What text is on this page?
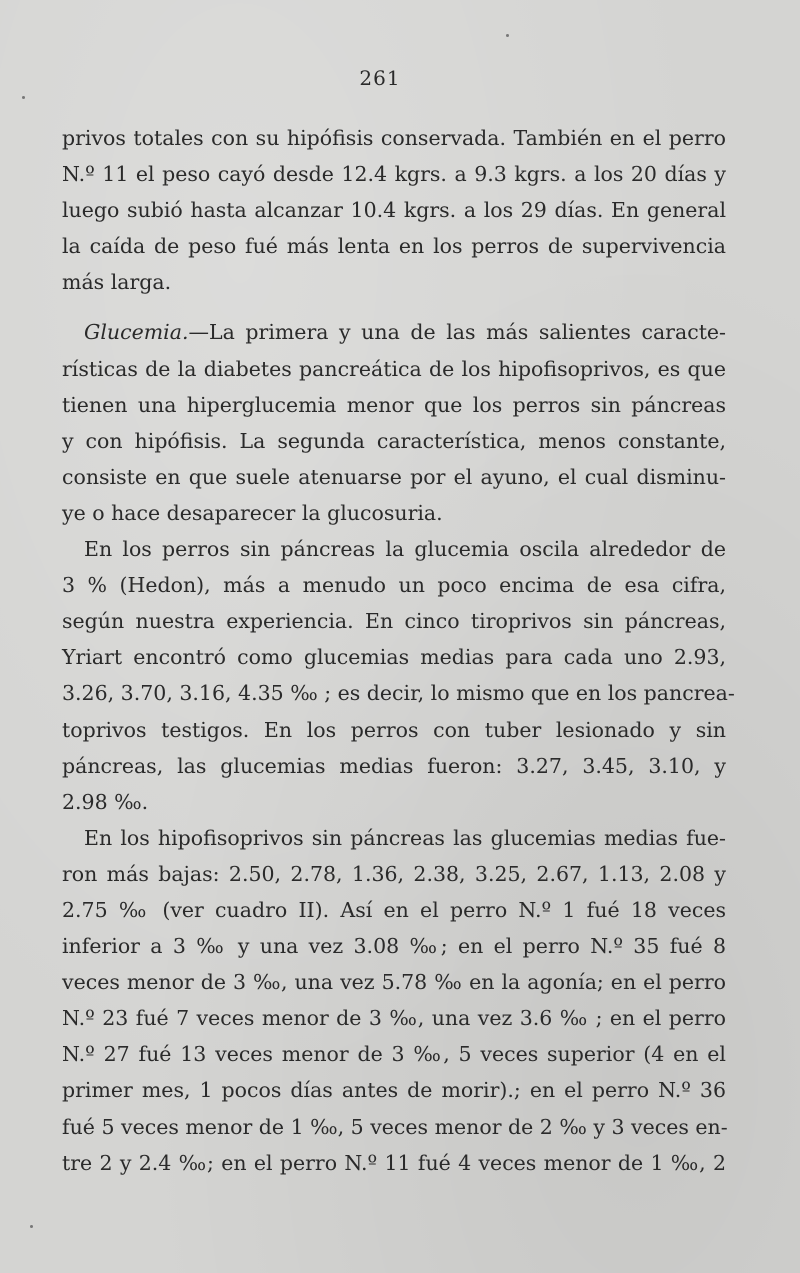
261
privos totales con su hipófisis conservada. También en el perro
N.º 11 el peso cayó desde 12.4 kgrs. a 9.3 kgrs. a los 20 días y
luego subió hasta alcanzar 10.4 kgrs. a los 29 días. En general
la caída de peso fué más lenta en los perros de supervivencia
más larga.
Glucemia.—La primera y una de las más salientes caracte-
rísticas de la diabetes pancreática de los hipofisoprivos, es que
tienen una hiperglucemia menor que los perros sin páncreas
y con hipófisis. La segunda característica, menos constante,
consiste en que suele atenuarse por el ayuno, el cual disminu-
ye o hace desaparecer la glucosuria.
En los perros sin páncreas la glucemia oscila alrededor de
3 % (Hedon), más a menudo un poco encima de esa cifra,
según nuestra experiencia. En cinco tiroprivos sin páncreas,
Yriart encontró como glucemias medias para cada uno 2.93,
3.26, 3.70, 3.16, 4.35 ‰ ; es decir, lo mismo que en los pancrea-
toprivos testigos. En los perros con tuber lesionado y sin
páncreas, las glucemias medias fueron: 3.27, 3.45, 3.10, y
2.98 ‰.
En los hipofisoprivos sin páncreas las glucemias medias fue-
ron más bajas: 2.50, 2.78, 1.36, 2.38, 3.25, 2.67, 1.13, 2.08 y
2.75 ‰ (ver cuadro II). Así en el perro N.º 1 fué 18 veces
inferior a 3 ‰ y una vez 3.08 ‰; en el perro N.º 35 fué 8
veces menor de 3 ‰, una vez 5.78 ‰ en la agonía; en el perro
N.º 23 fué 7 veces menor de 3 ‰, una vez 3.6 ‰ ; en el perro
N.º 27 fué 13 veces menor de 3 ‰, 5 veces superior (4 en el
primer mes, 1 pocos días antes de morir).; en el perro N.º 36
fué 5 veces menor de 1 ‰, 5 veces menor de 2 ‰ y 3 veces en-
tre 2 y 2.4 ‰; en el perro N.º 11 fué 4 veces menor de 1 ‰, 2
